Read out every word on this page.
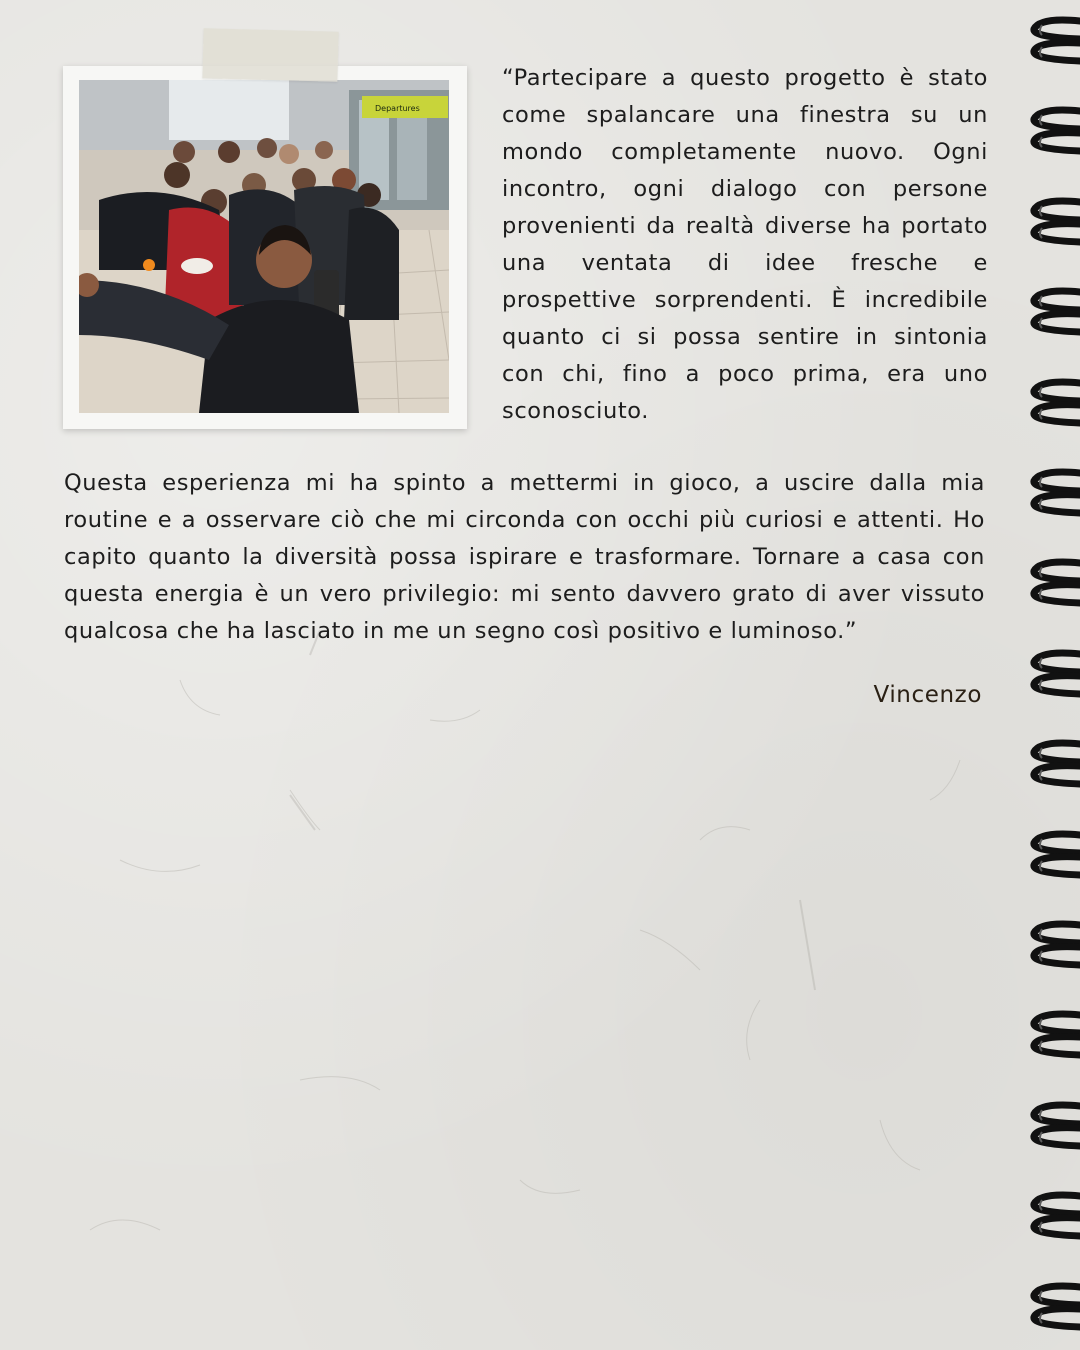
Departures
“Partecipare a questo progetto è stato
come spalancare una finestra su un
mondo completamente nuovo. Ogni
incontro, ogni dialogo con persone
provenienti da realtà diverse ha portato
una ventata di idee fresche e
prospettive sorprendenti. È incredibile
quanto ci si possa sentire in sintonia
con chi, fino a poco prima, era uno
sconosciuto.
Questa esperienza mi ha spinto a mettermi in gioco, a uscire dalla mia
routine e a osservare ciò che mi circonda con occhi più curiosi e attenti. Ho
capito quanto la diversità possa ispirare e trasformare. Tornare a casa con
questa energia è un vero privilegio: mi sento davvero grato di aver vissuto
qualcosa che ha lasciato in me un segno così positivo e luminoso.”
Vincenzo
